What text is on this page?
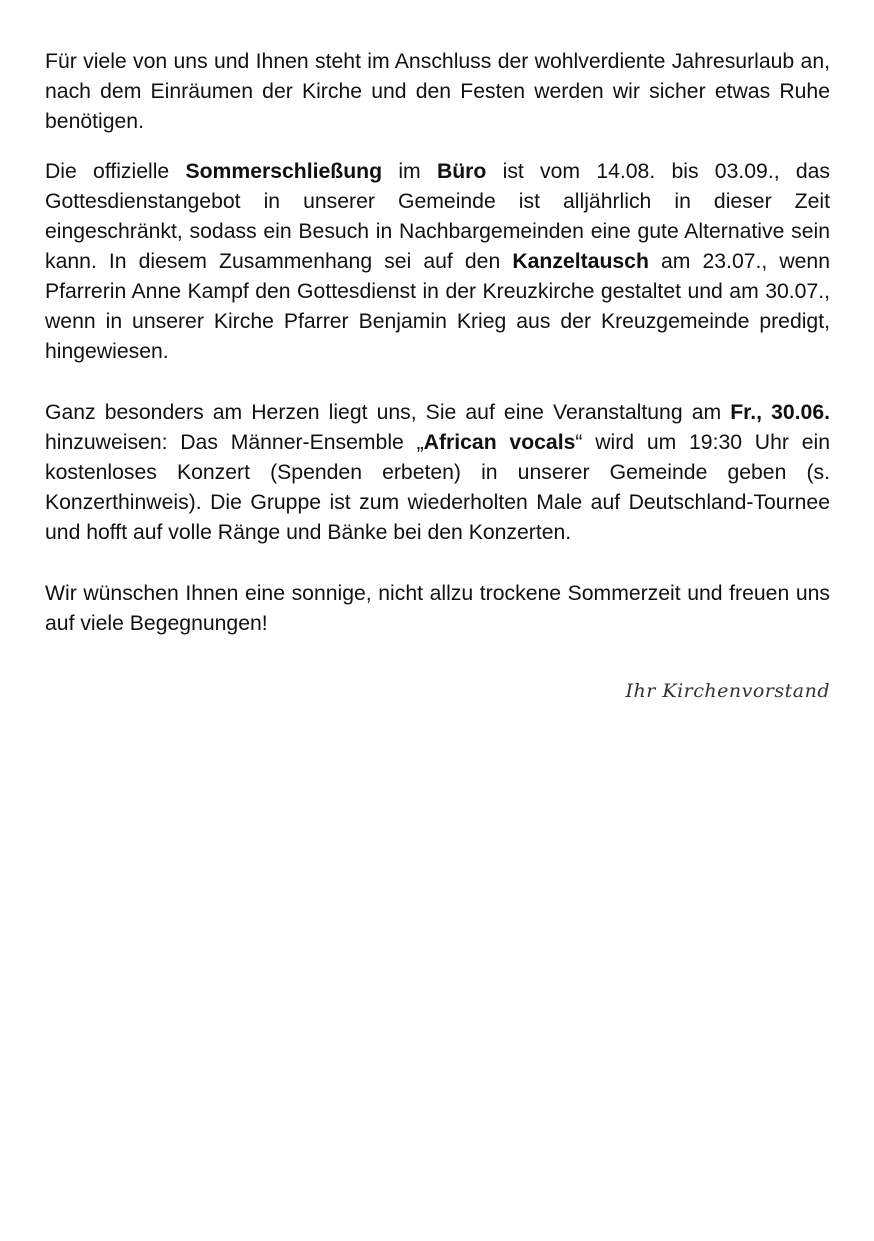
Für viele von uns und Ihnen steht im Anschluss der wohlverdiente Jahresurlaub an, nach dem Einräumen der Kirche und den Festen werden wir sicher etwas Ruhe benötigen.

Die offizielle Sommerschließung im Büro ist vom 14.08. bis 03.09., das Gottesdienstangebot in unserer Gemeinde ist alljährlich in dieser Zeit eingeschränkt, sodass ein Besuch in Nachbargemeinden eine gute Alternative sein kann. In diesem Zusammenhang sei auf den Kanzeltausch am 23.07., wenn Pfarrerin Anne Kampf den Gottesdienst in der Kreuzkirche gestaltet und am 30.07., wenn in unserer Kirche Pfarrer Benjamin Krieg aus der Kreuzgemeinde predigt, hingewiesen.

Ganz besonders am Herzen liegt uns, Sie auf eine Veranstaltung am Fr., 30.06. hinzuweisen: Das Männer-Ensemble „African vocals“ wird um 19:30 Uhr ein kostenloses Konzert (Spenden erbeten) in unserer Gemeinde geben (s. Konzerthinweis). Die Gruppe ist zum wiederholten Male auf Deutschland-Tournee und hofft auf volle Ränge und Bänke bei den Konzerten.

Wir wünschen Ihnen eine sonnige, nicht allzu trockene Sommerzeit und freuen uns auf viele Begegnungen!

Ihr Kirchenvorstand
